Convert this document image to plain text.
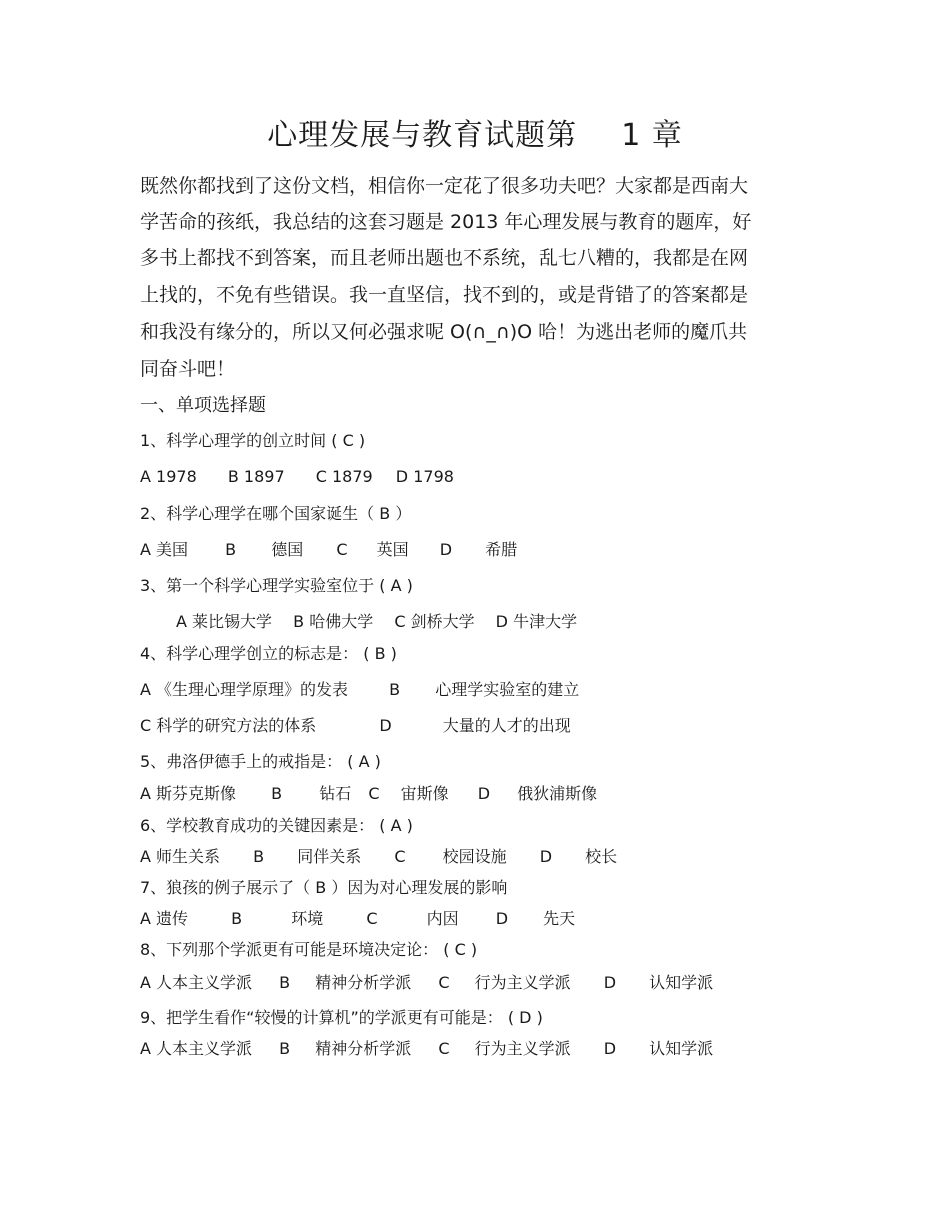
心理发展与教育试题第 1 章
既然你都找到了这份文档，相信你一定花了很多功夫吧？大家都是西南大
学苦命的孩纸，我总结的这套习题是 2013 年心理发展与教育的题库，好
多书上都找不到答案，而且老师出题也不系统，乱七八糟的，我都是在网
上找的，不免有些错误。我一直坚信，找不到的，或是背错了的答案都是
和我没有缘分的，所以又何必强求呢 O(∩_∩)O 哈！为逃出老师的魔爪共
同奋斗吧！
一、单项选择题
1、科学心理学的创立时间 ( C )
A 1978 B 1897 C 1879 D 1798
2、科学心理学在哪个国家诞生（ B ）
A 美国 B 德国 C 英国 D 希腊
3、第一个科学心理学实验室位于 ( A )
A 莱比锡大学 B 哈佛大学 C 剑桥大学 D 牛津大学
4、科学心理学创立的标志是： ( B )
A 《生理心理学原理》的发表	B 心理学实验室的建立
C 科学的研究方法的体系	D	大量的人才的出现
5、弗洛伊德手上的戒指是： ( A )
A 斯芬克斯像 B 钻石 C 宙斯像 D 俄狄浦斯像
6、学校教育成功的关键因素是： ( A )
A 师生关系 B 同伴关系 C 校园设施 D 校长
7、狼孩的例子展示了（ B ）因为对心理发展的影响
A 遗传	B	环境	C	内因 D 先天
8、下列那个学派更有可能是环境决定论： ( C )
A 人本主义学派 B 精神分析学派 C 行为主义学派 D 认知学派
9、把学生看作“较慢的计算机”的学派更有可能是： ( D )
A 人本主义学派 B 精神分析学派 C 行为主义学派 D 认知学派
